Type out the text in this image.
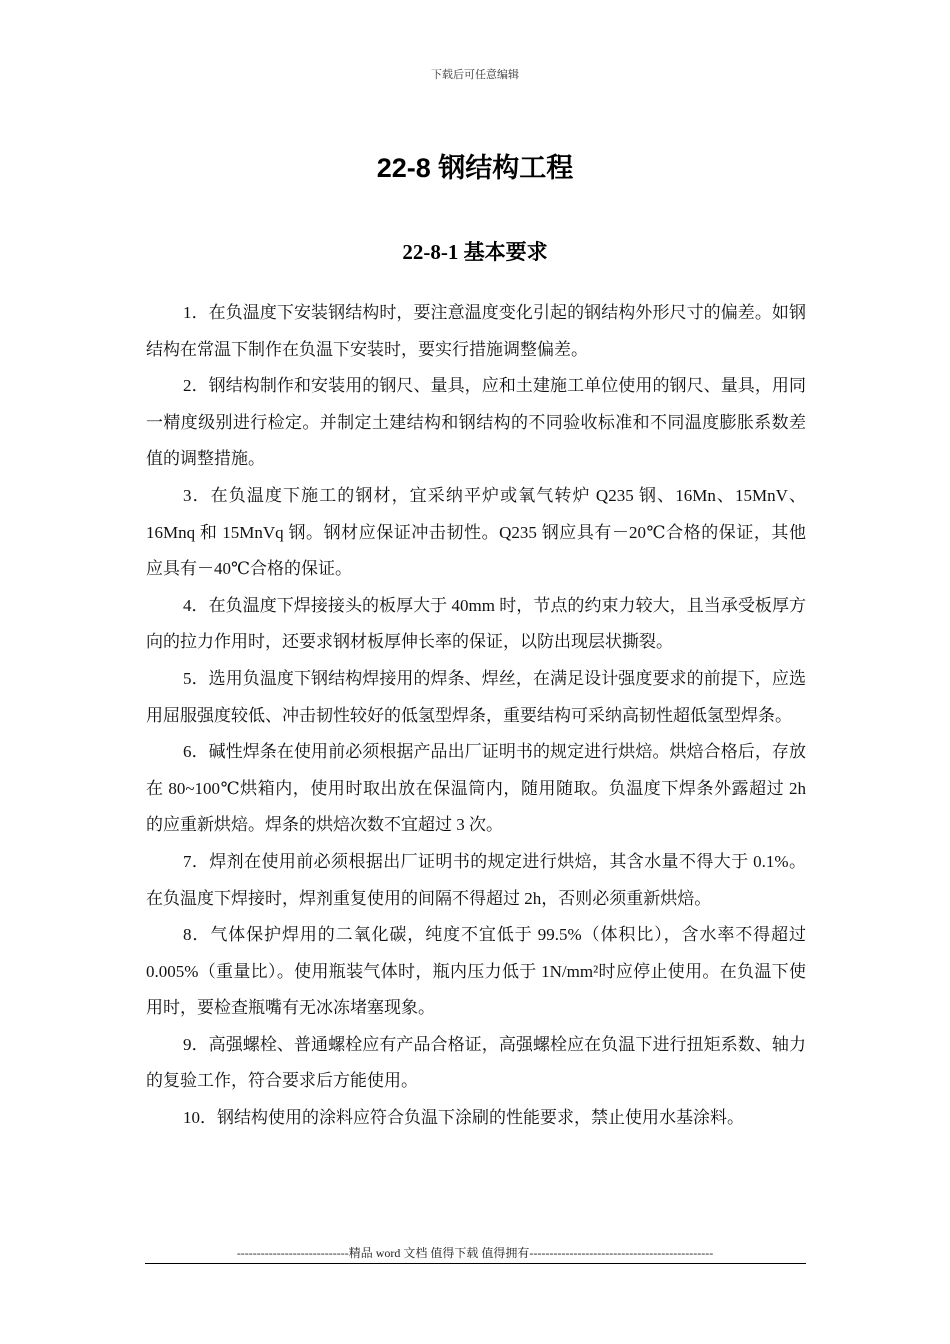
下载后可任意编辑
22-8 钢结构工程
22-8-1 基本要求

1．在负温度下安装钢结构时，要注意温度变化引起的钢结构外形尺寸的偏差。如钢结构在常温下制作在负温下安装时，要实行措施调整偏差。

2．钢结构制作和安装用的钢尺、量具，应和土建施工单位使用的钢尺、量具，用同一精度级别进行检定。并制定土建结构和钢结构的不同验收标准和不同温度膨胀系数差值的调整措施。

3．在负温度下施工的钢材，宜采纳平炉或氧气转炉 Q235 钢、16Mn、15MnV、16Mnq 和 15MnVq 钢。钢材应保证冲击韧性。Q235 钢应具有－20℃合格的保证，其他应具有－40℃合格的保证。

4．在负温度下焊接接头的板厚大于 40mm 时，节点的约束力较大，且当承受板厚方向的拉力作用时，还要求钢材板厚伸长率的保证，以防出现层状撕裂。

5．选用负温度下钢结构焊接用的焊条、焊丝，在满足设计强度要求的前提下，应选用屈服强度较低、冲击韧性较好的低氢型焊条，重要结构可采纳高韧性超低氢型焊条。

6．碱性焊条在使用前必须根据产品出厂证明书的规定进行烘焙。烘焙合格后，存放在 80~100℃烘箱内，使用时取出放在保温筒内，随用随取。负温度下焊条外露超过 2h 的应重新烘焙。焊条的烘焙次数不宜超过 3 次。

7．焊剂在使用前必须根据出厂证明书的规定进行烘焙，其含水量不得大于 0.1%。在负温度下焊接时，焊剂重复使用的间隔不得超过 2h，否则必须重新烘焙。

8．气体保护焊用的二氧化碳，纯度不宜低于 99.5%（体积比），含水率不得超过 0.005%（重量比）。使用瓶装气体时，瓶内压力低于 1N/mm²时应停止使用。在负温下使用时，要检查瓶嘴有无冰冻堵塞现象。

9．高强螺栓、普通螺栓应有产品合格证，高强螺栓应在负温下进行扭矩系数、轴力的复验工作，符合要求后方能使用。

10．钢结构使用的涂料应符合负温下涂刷的性能要求，禁止使用水基涂料。

----------------------------精品 word 文档 值得下载 值得拥有----------------------------------------------
